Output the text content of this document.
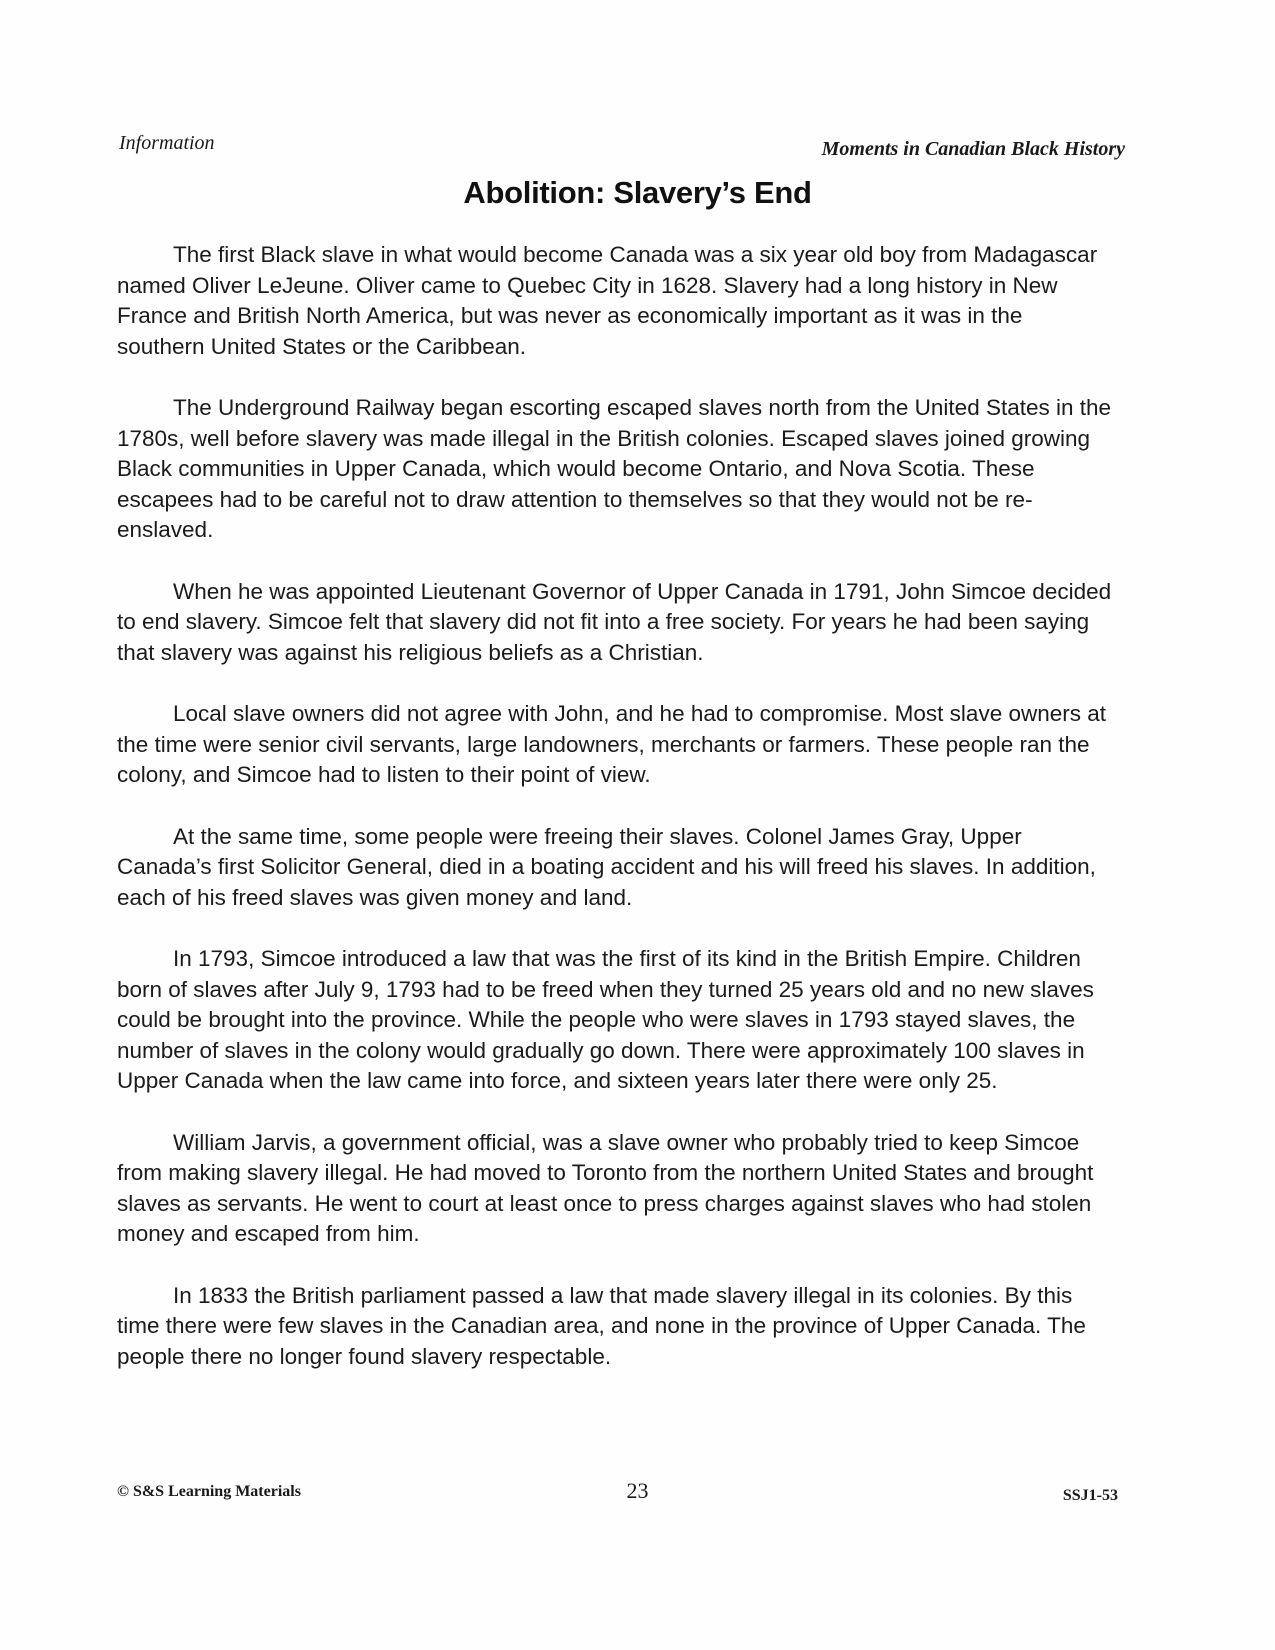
Information	Moments in Canadian Black History
Abolition: Slavery’s End

The first Black slave in what would become Canada was a six year old boy from Madagascar named Oliver LeJeune. Oliver came to Quebec City in 1628. Slavery had a long history in New France and British North America, but was never as economically important as it was in the southern United States or the Caribbean.

The Underground Railway began escorting escaped slaves north from the United States in the 1780s, well before slavery was made illegal in the British colonies. Escaped slaves joined growing Black communities in Upper Canada, which would become Ontario, and Nova Scotia. These escapees had to be careful not to draw attention to themselves so that they would not be re-enslaved.

When he was appointed Lieutenant Governor of Upper Canada in 1791, John Simcoe decided to end slavery. Simcoe felt that slavery did not fit into a free society. For years he had been saying that slavery was against his religious beliefs as a Christian.

Local slave owners did not agree with John, and he had to compromise. Most slave owners at the time were senior civil servants, large landowners, merchants or farmers. These people ran the colony, and Simcoe had to listen to their point of view.

At the same time, some people were freeing their slaves. Colonel James Gray, Upper Canada’s first Solicitor General, died in a boating accident and his will freed his slaves. In addition, each of his freed slaves was given money and land.

In 1793, Simcoe introduced a law that was the first of its kind in the British Empire. Children born of slaves after July 9, 1793 had to be freed when they turned 25 years old and no new slaves could be brought into the province. While the people who were slaves in 1793 stayed slaves, the number of slaves in the colony would gradually go down. There were approximately 100 slaves in Upper Canada when the law came into force, and sixteen years later there were only 25.

William Jarvis, a government official, was a slave owner who probably tried to keep Simcoe from making slavery illegal. He had moved to Toronto from the northern United States and brought slaves as servants. He went to court at least once to press charges against slaves who had stolen money and escaped from him.

In 1833 the British parliament passed a law that made slavery illegal in its colonies. By this time there were few slaves in the Canadian area, and none in the province of Upper Canada. The people there no longer found slavery respectable.

© S&S Learning Materials	23	SSJ1-53
